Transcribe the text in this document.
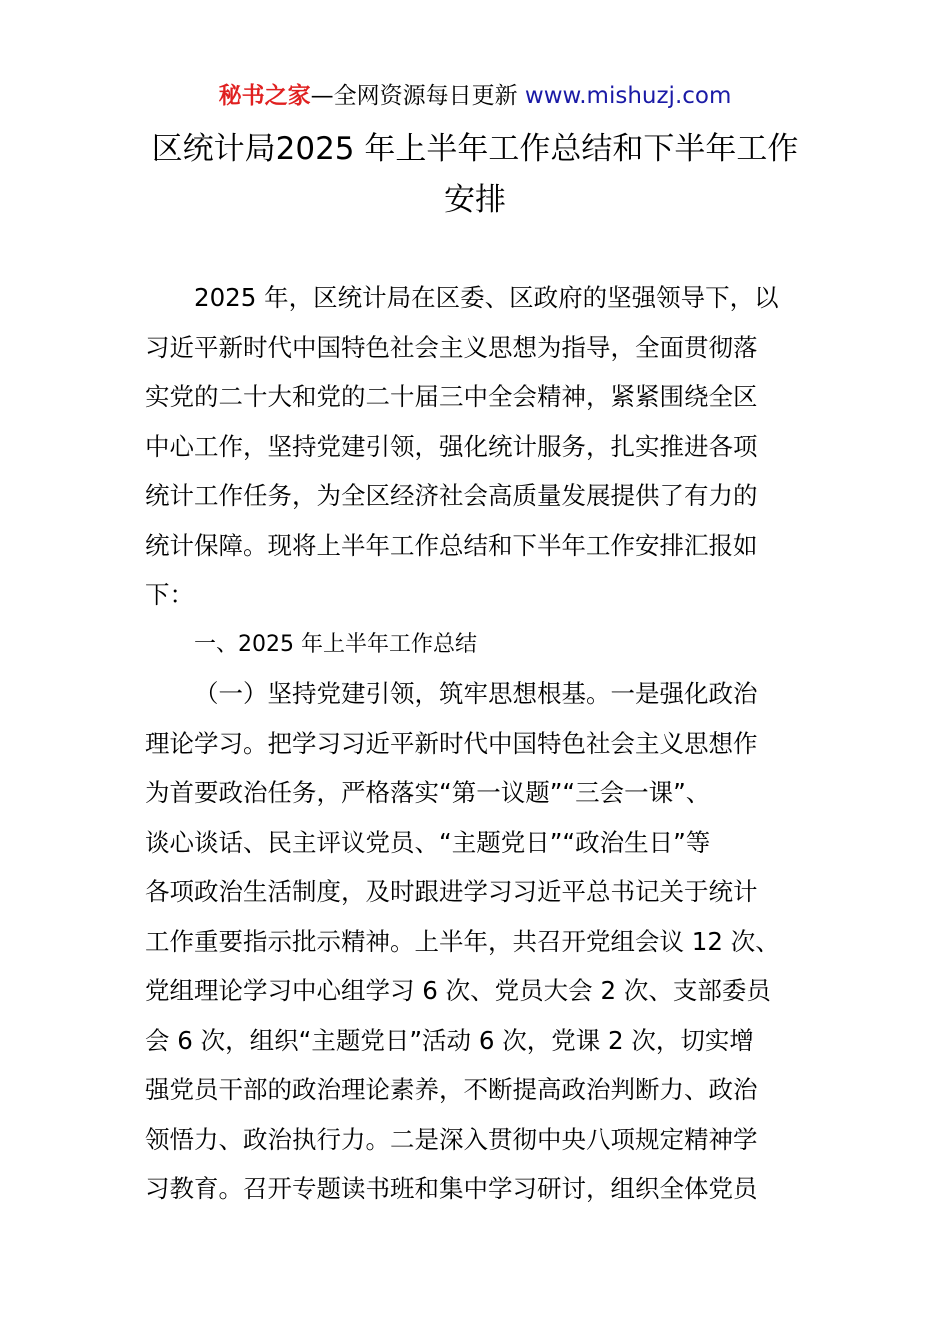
秘书之家—全网资源每日更新 www.mishuzj.com
区统计局2025 年上半年工作总结和下半年工作
安排
2025 年，区统计局在区委、区政府的坚强领导下，以
习近平新时代中国特色社会主义思想为指导，全面贯彻落
实党的二十大和党的二十届三中全会精神，紧紧围绕全区
中心工作，坚持党建引领，强化统计服务，扎实推进各项
统计工作任务，为全区经济社会高质量发展提供了有力的
统计保障。现将上半年工作总结和下半年工作安排汇报如
下：
一、2025 年上半年工作总结
（一）坚持党建引领，筑牢思想根基。一是强化政治
理论学习。把学习习近平新时代中国特色社会主义思想作
为首要政治任务，严格落实“第一议题”“三会一课”、
谈心谈话、民主评议党员、“主题党日”“政治生日”等
各项政治生活制度，及时跟进学习习近平总书记关于统计
工作重要指示批示精神。上半年，共召开党组会议 12 次、
党组理论学习中心组学习 6 次、党员大会 2 次、支部委员
会 6 次，组织“主题党日”活动 6 次，党课 2 次，切实增
强党员干部的政治理论素养，不断提高政治判断力、政治
领悟力、政治执行力。二是深入贯彻中央八项规定精神学
习教育。召开专题读书班和集中学习研讨，组织全体党员
